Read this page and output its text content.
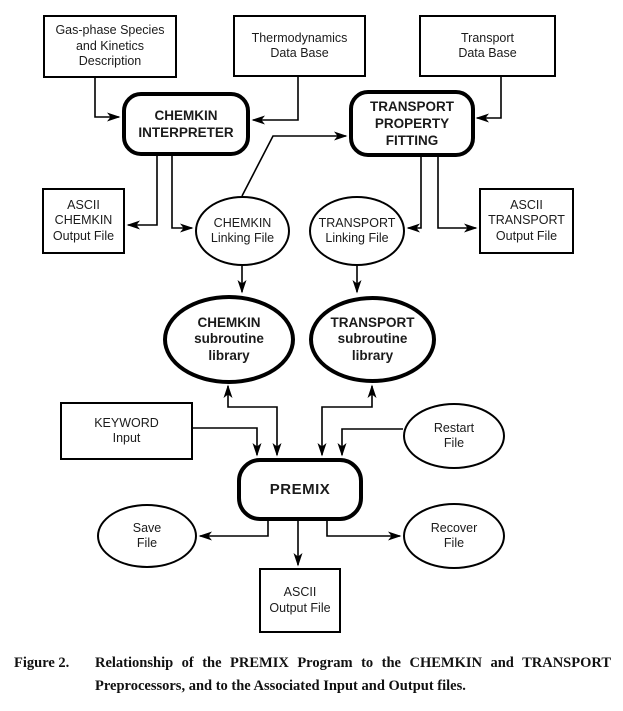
Gas-phase Species
and Kinetics
Description
Thermodynamics
Data Base
Transport
Data Base
CHEMKIN
INTERPRETER
TRANSPORT
PROPERTY
FITTING
ASCII
CHEMKIN
Output File
CHEMKIN
Linking File
TRANSPORT
Linking File
ASCII
TRANSPORT
Output File
CHEMKIN
subroutine
library
TRANSPORT
subroutine
library
KEYWORD
Input
Restart
File
PREMIX
Save
File
Recover
File
ASCII
Output File
Figure 2.	Relationship of the PREMIX Program to the CHEMKIN and TRANSPORT
Preprocessors, and to the Associated Input and Output files.
